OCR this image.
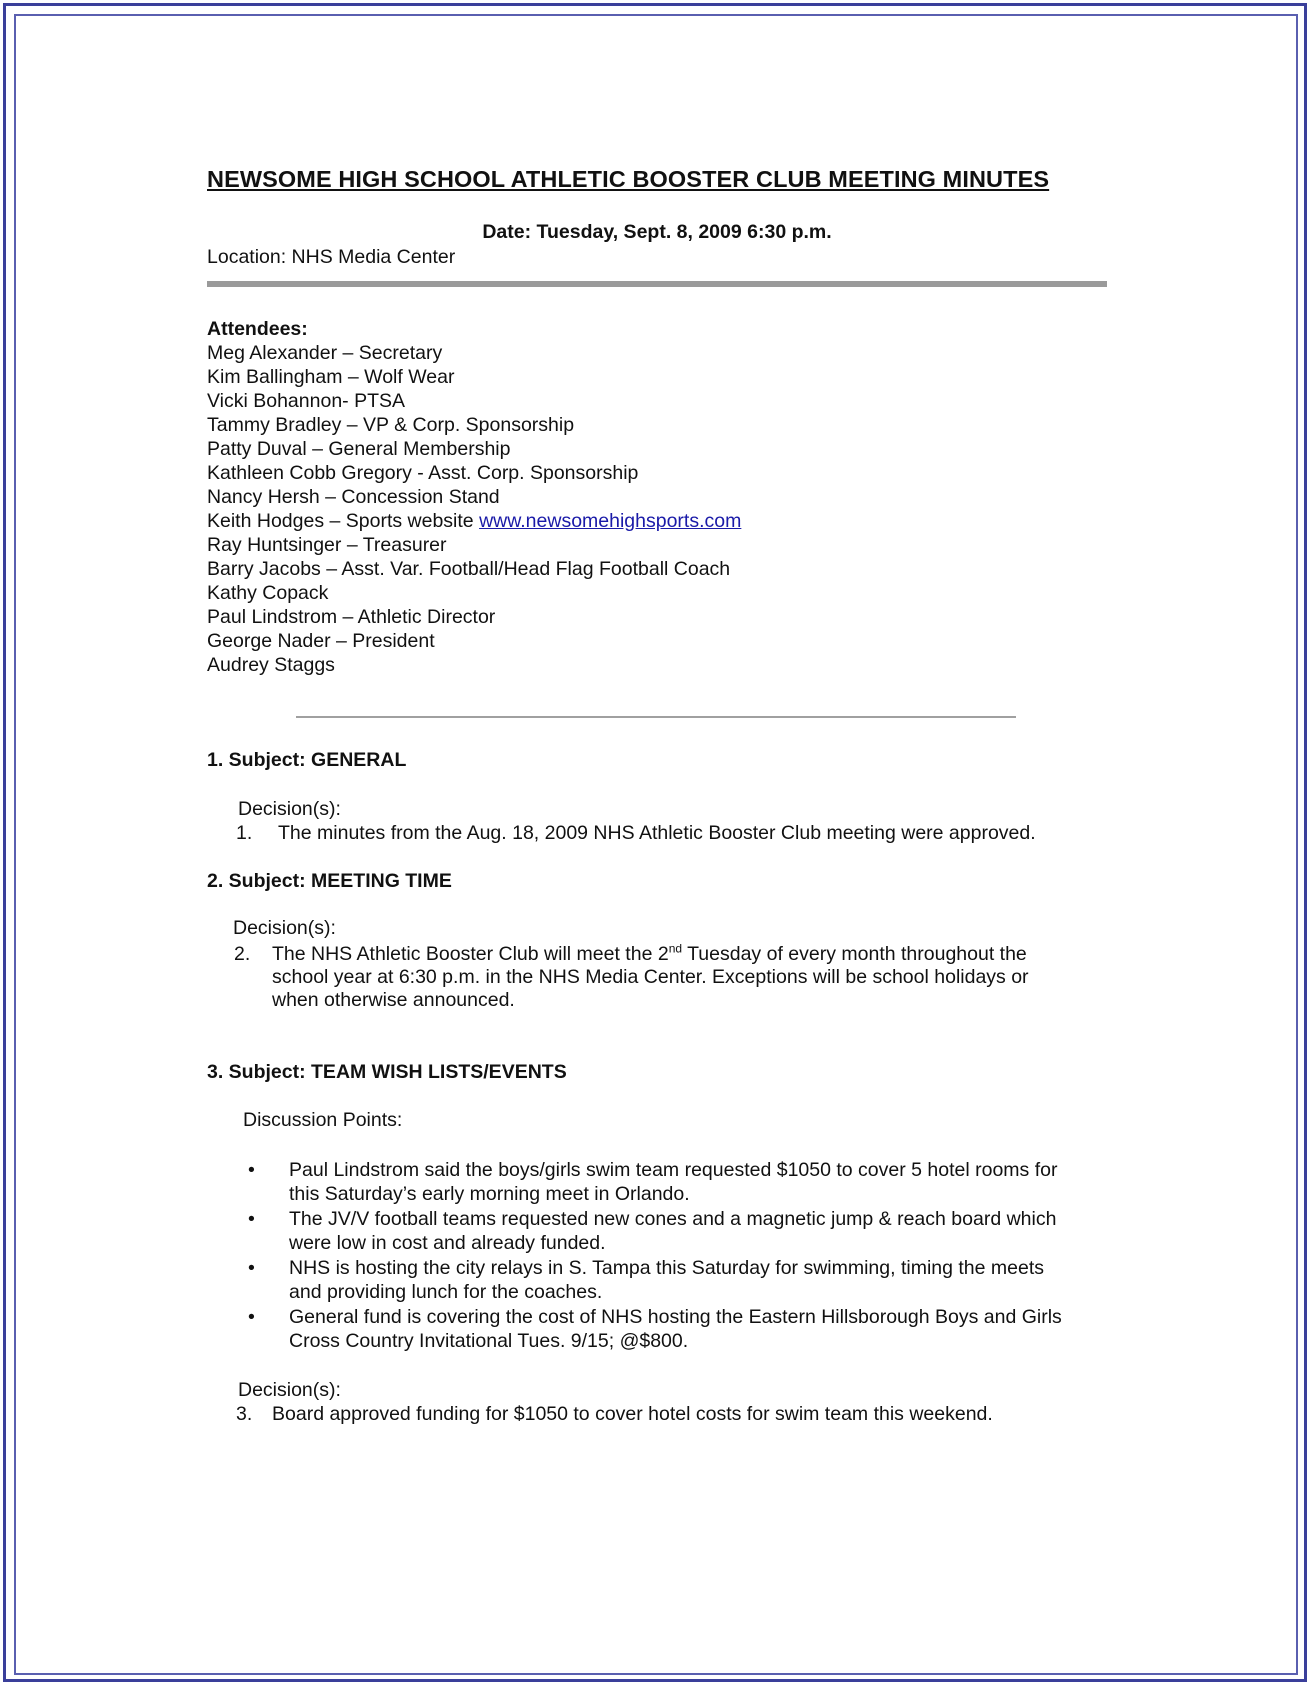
NEWSOME HIGH SCHOOL ATHLETIC BOOSTER CLUB MEETING MINUTES
Date: Tuesday, Sept. 8, 2009 6:30 p.m.
Location: NHS Media Center
Attendees:
Meg Alexander – Secretary
Kim Ballingham – Wolf Wear
Vicki Bohannon- PTSA
Tammy Bradley – VP & Corp. Sponsorship
Patty Duval – General Membership
Kathleen Cobb Gregory - Asst. Corp. Sponsorship
Nancy Hersh – Concession Stand
Keith Hodges – Sports website www.newsomehighsports.com
Ray Huntsinger – Treasurer
Barry Jacobs – Asst. Var. Football/Head Flag Football Coach
Kathy Copack
Paul Lindstrom – Athletic Director
George Nader – President
Audrey Staggs
1. Subject: GENERAL
Decision(s):
1. The minutes from the Aug. 18, 2009 NHS Athletic Booster Club meeting were approved.
2. Subject: MEETING TIME
Decision(s):
2. The NHS Athletic Booster Club will meet the 2nd Tuesday of every month throughout the
school year at 6:30 p.m. in the NHS Media Center. Exceptions will be school holidays or
when otherwise announced.
3. Subject: TEAM WISH LISTS/EVENTS
Discussion Points:
• Paul Lindstrom said the boys/girls swim team requested $1050 to cover 5 hotel rooms for this Saturday’s early morning meet in Orlando.
• The JV/V football teams requested new cones and a magnetic jump & reach board which were low in cost and already funded.
• NHS is hosting the city relays in S. Tampa this Saturday for swimming, timing the meets and providing lunch for the coaches.
• General fund is covering the cost of NHS hosting the Eastern Hillsborough Boys and Girls Cross Country Invitational Tues. 9/15; @$800.
Decision(s):
3. Board approved funding for $1050 to cover hotel costs for swim team this weekend.
